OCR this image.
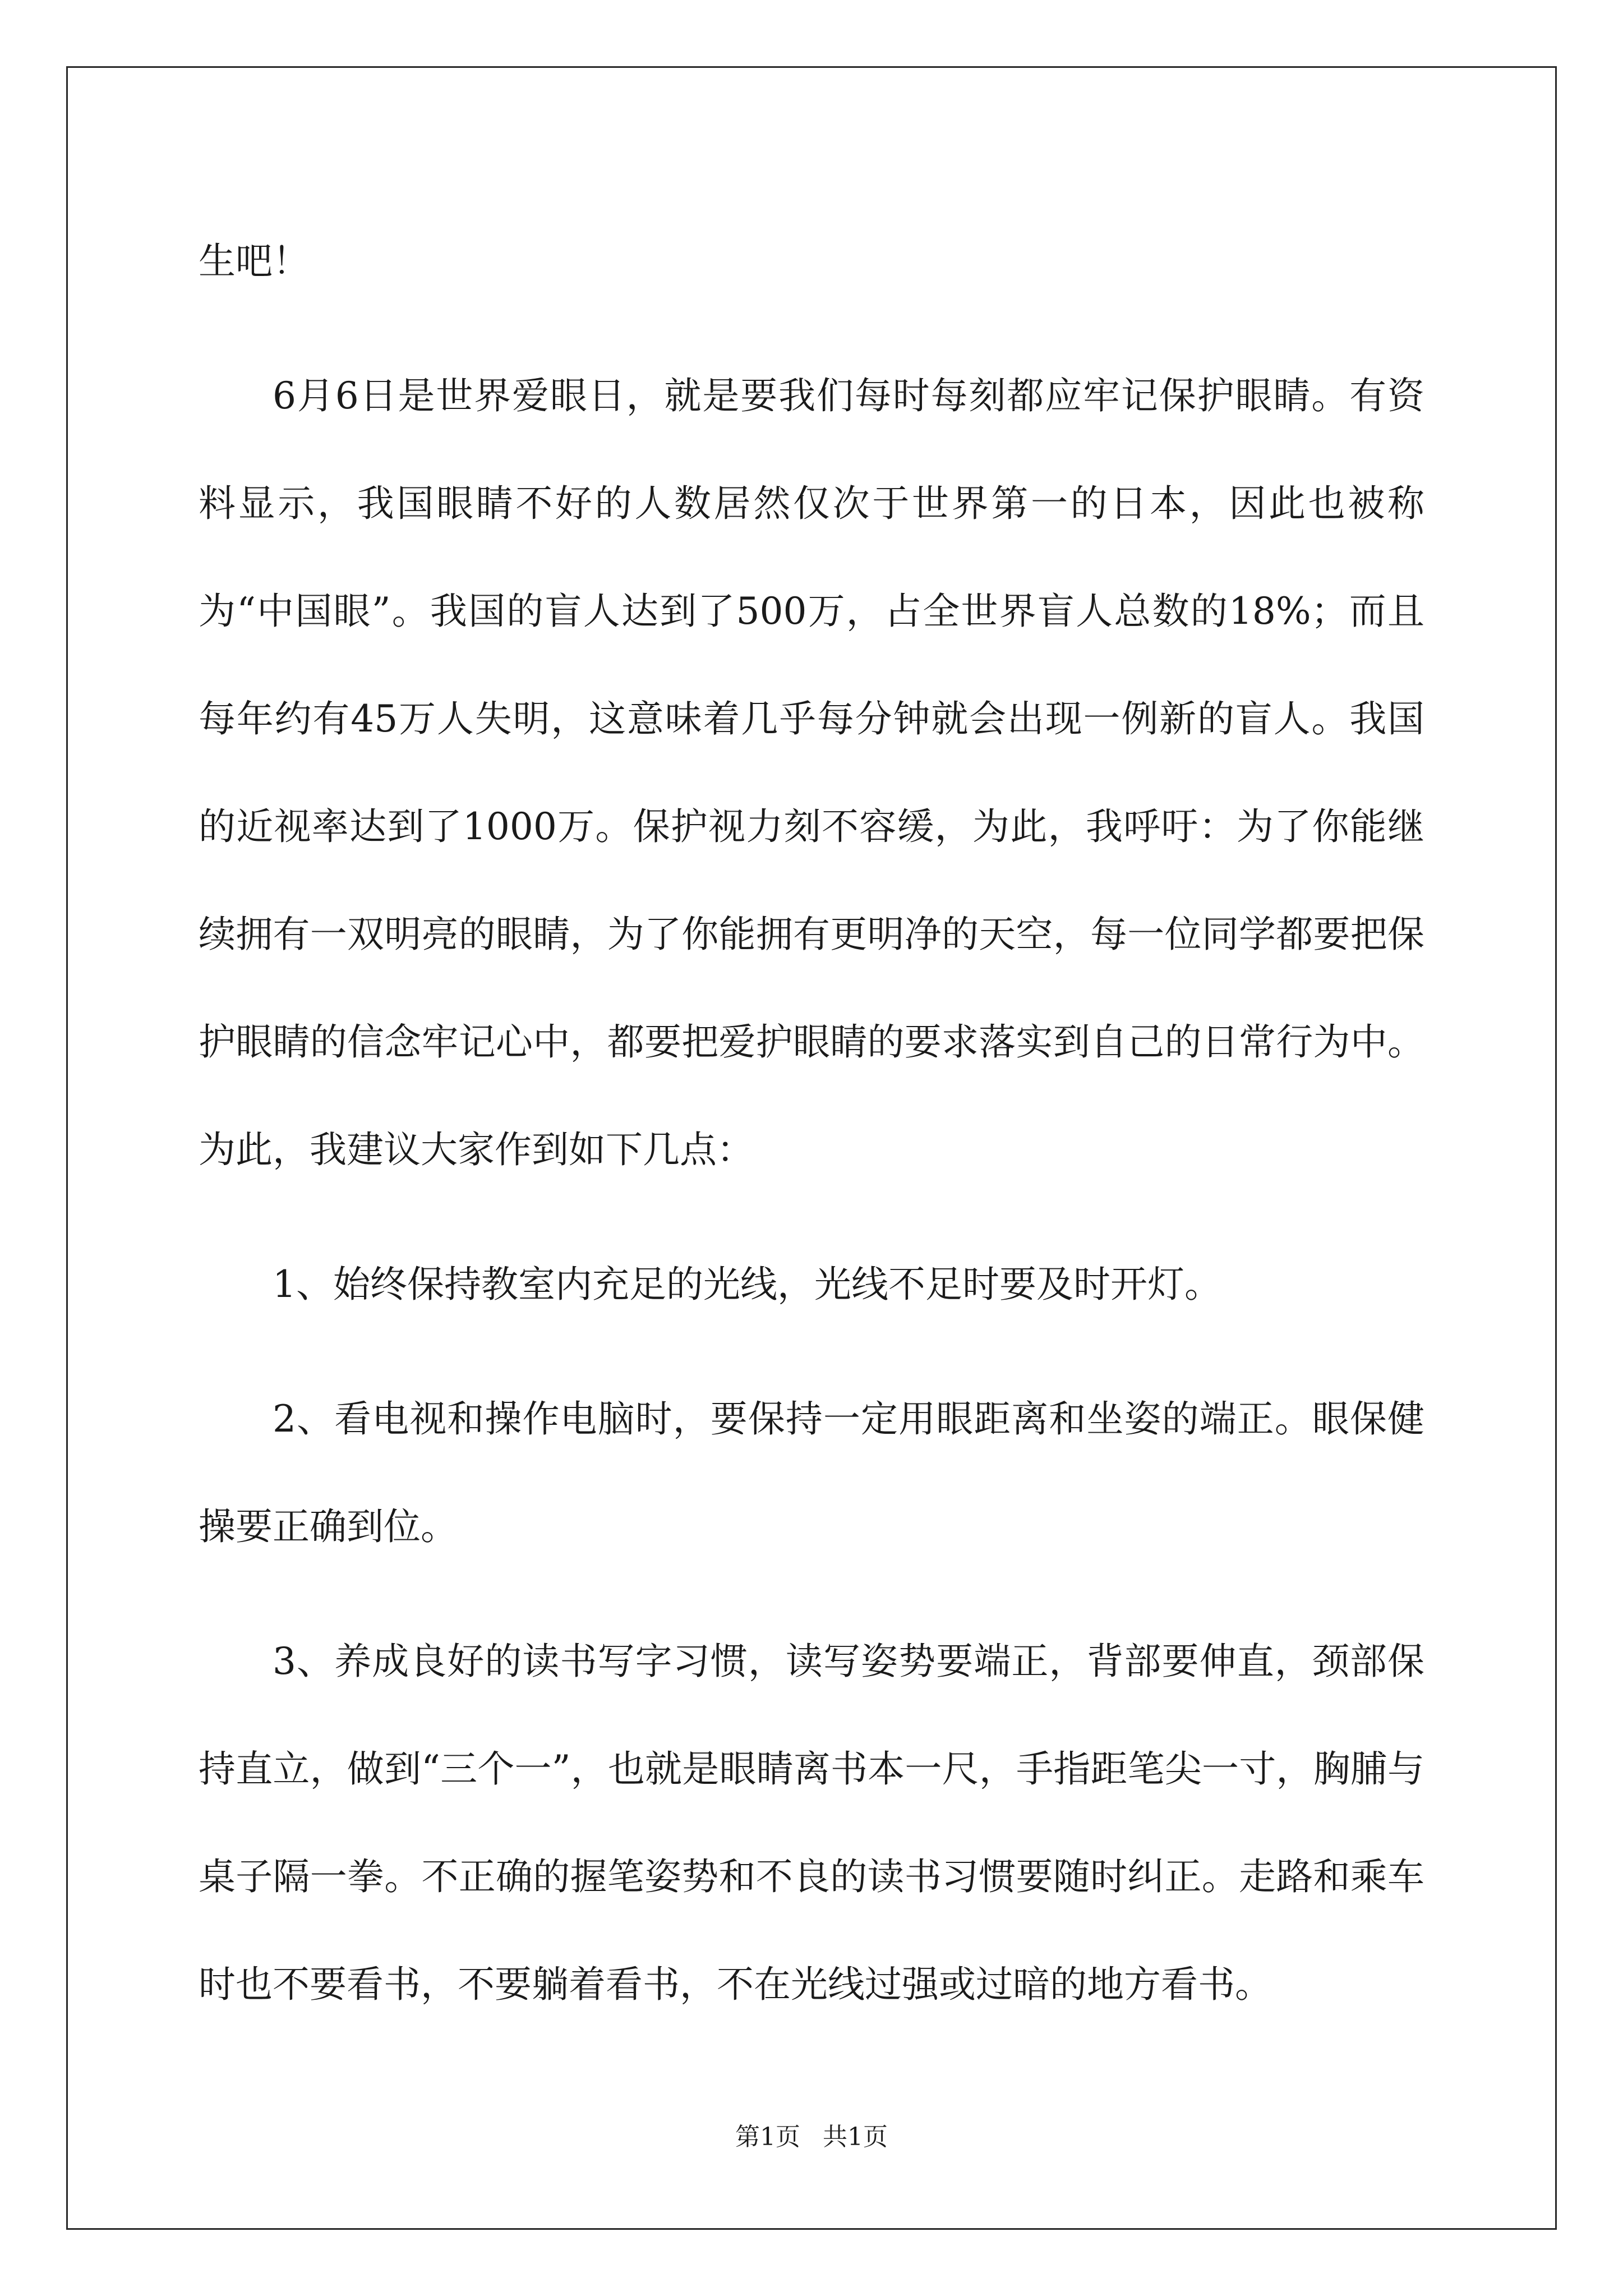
生吧！

6月6日是世界爱眼日，就是要我们每时每刻都应牢记保护眼睛。有资料显示，我国眼睛不好的人数居然仅次于世界第一的日本，因此也被称为“中国眼”。我国的盲人达到了500万，占全世界盲人总数的18%；而且每年约有45万人失明，这意味着几乎每分钟就会出现一例新的盲人。我国的近视率达到了1000万。保护视力刻不容缓，为此，我呼吁：为了你能继续拥有一双明亮的眼睛，为了你能拥有更明净的天空，每一位同学都要把保护眼睛的信念牢记心中，都要把爱护眼睛的要求落实到自己的日常行为中。为此，我建议大家作到如下几点：

1、始终保持教室内充足的光线，光线不足时要及时开灯。

2、看电视和操作电脑时，要保持一定用眼距离和坐姿的端正。眼保健操要正确到位。

3、养成良好的读书写字习惯，读写姿势要端正，背部要伸直，颈部保持直立，做到“三个一”，也就是眼睛离书本一尺，手指距笔尖一寸，胸脯与桌子隔一拳。不正确的握笔姿势和不良的读书习惯要随时纠正。走路和乘车时也不要看书，不要躺着看书，不在光线过强或过暗的地方看书。

第1页 共1页
